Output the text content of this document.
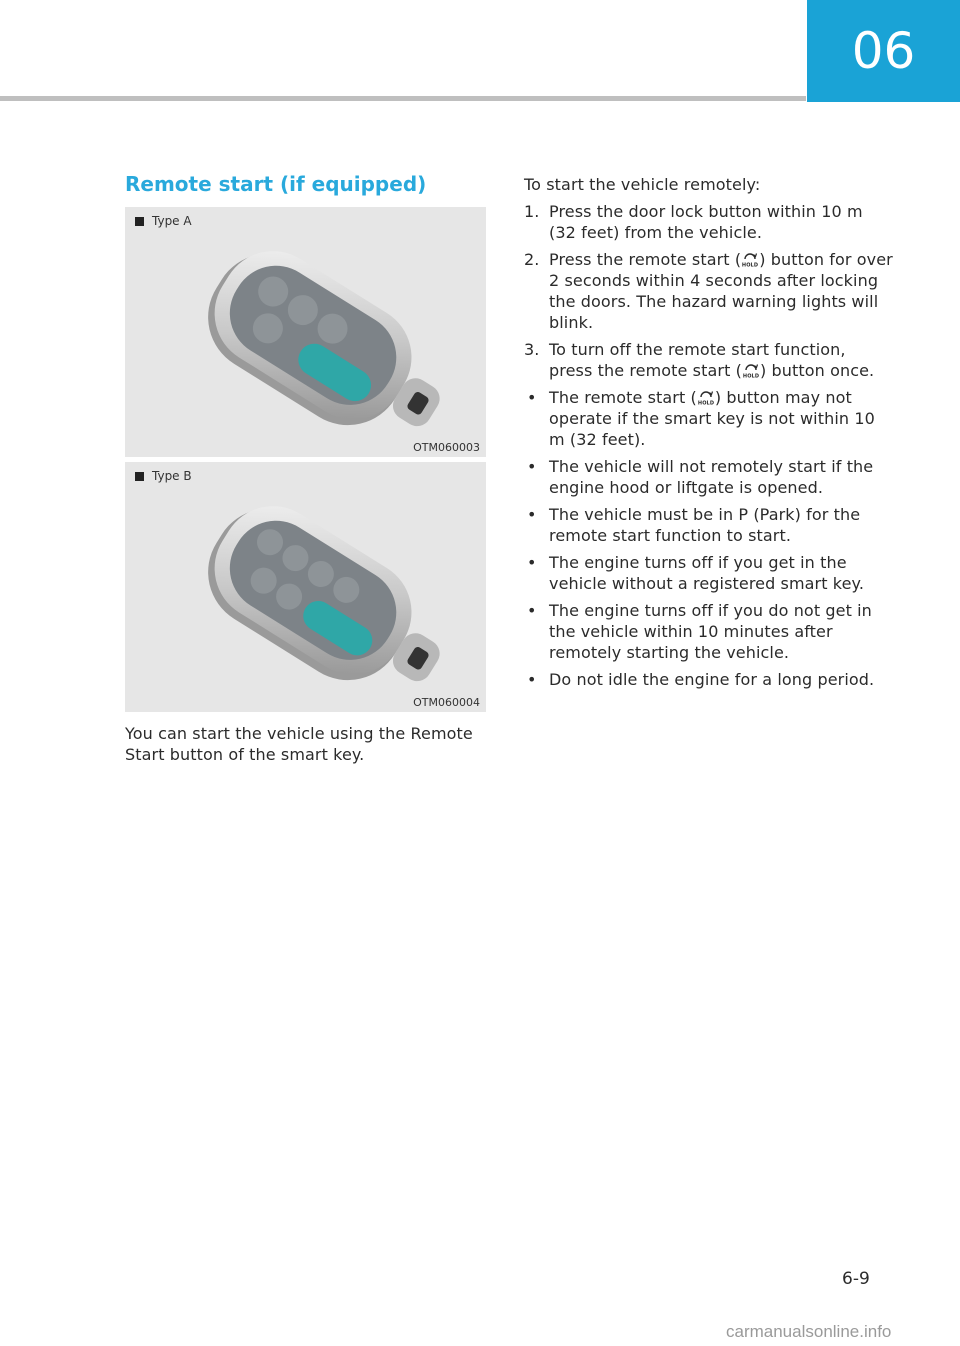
06
Remote start (if equipped)
Type A
OTM060003
Type B
OTM060004
You can start the vehicle using the Remote Start button of the smart key.

To start the vehicle remotely:

1. Press the door lock button within 10 m (32 feet) from the vehicle.
2. Press the remote start ( HOLD ) button for over 2 seconds within 4 seconds after locking the doors. The hazard warning lights will blink.
3. To turn off the remote start function, press the remote start ( HOLD ) button once.
• The remote start ( HOLD ) button may not operate if the smart key is not within 10 m (32 feet).
• The vehicle will not remotely start if the engine hood or liftgate is opened.
• The vehicle must be in P (Park) for the remote start function to start.
• The engine turns off if you get in the vehicle without a registered smart key.
• The engine turns off if you do not get in the vehicle within 10 minutes after remotely starting the vehicle.
• Do not idle the engine for a long period.
6-9
carmanualsonline.info
